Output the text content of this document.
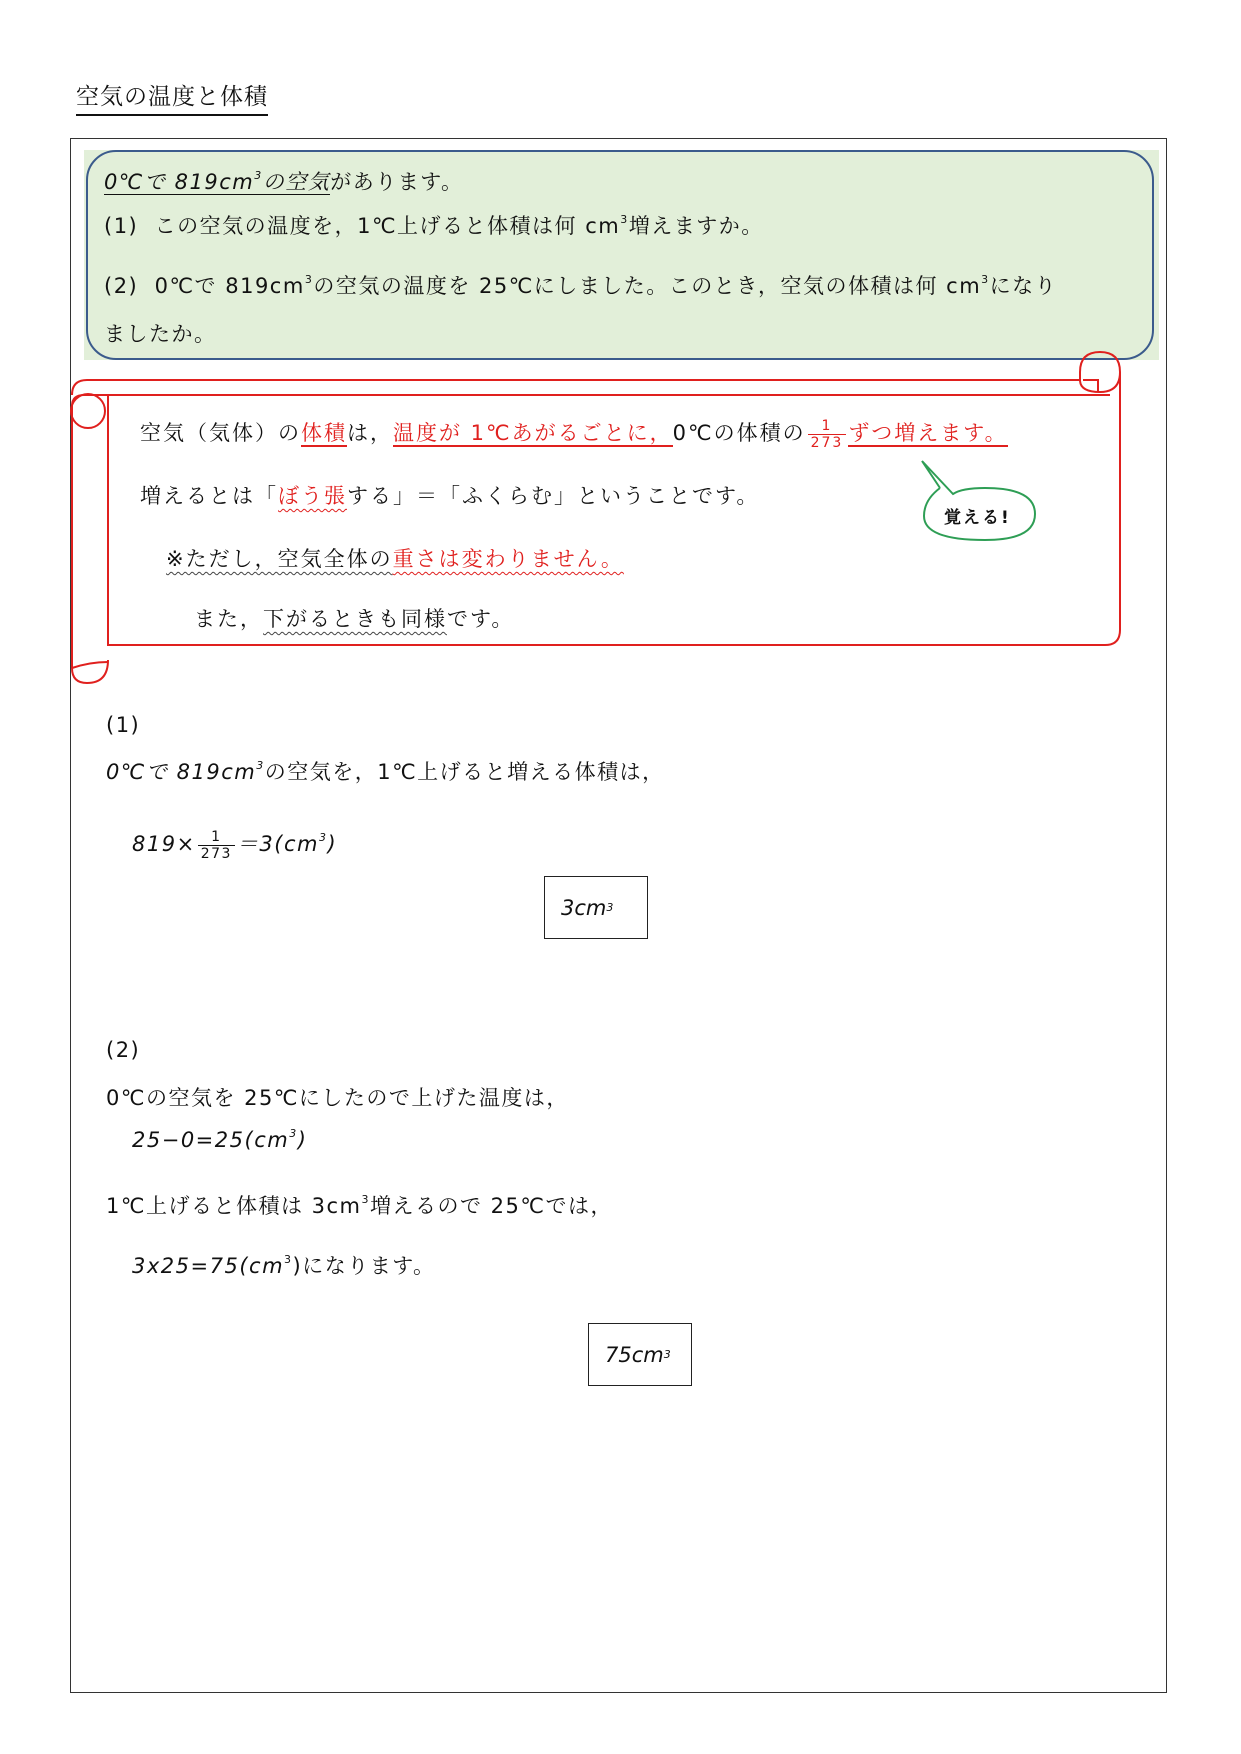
空気の温度と体積
0℃で $819cm^3$の空気があります。
(1) この空気の温度を，1℃上げると体積は何 $cm^3$増えますか。
(2) 0℃で $819cm^3$の空気の温度を 25℃にしました。このとき，空気の体積は何 $cm^3$になり
ましたか。
空気（気体）の体積は，温度が 1℃あがるごとに，0℃の体積の $\frac{1}{273}$ ずつ増えます。
増えるとは「ぼう張する」＝「ふくらむ」ということです。
※ただし，空気全体の重さは変わりません。
また，下がるときも同様です。
覚える!
(1)
0℃で $819cm^3$の空気を，1℃上げると増える体積は，
$819\times \frac{1}{273} =3(cm^3)$
3cm 3
(2)
0℃の空気を 25℃にしたので上げた温度は，
$25-0=25(cm^3)$
1℃上げると体積は $3cm^3$増えるので 25℃では，
$3x25=75(cm^3)$になります。
75cm 3
